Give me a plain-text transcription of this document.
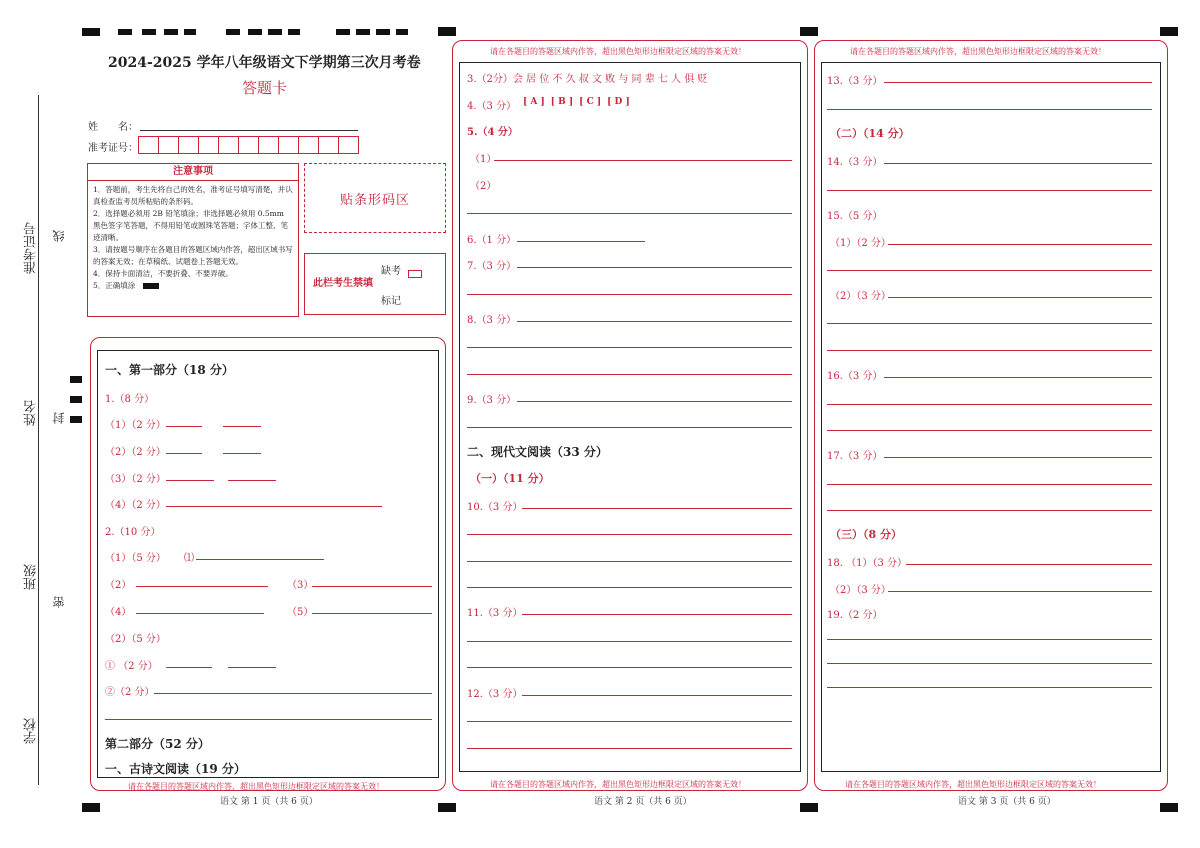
准考证号
姓名
班级
学校
线
封
密
2024-2025 学年八年级语文下学期第三次月考卷
答题卡
姓　　名：
准考证号：
注意事项
1．答题前，考生先将自己的姓名，准考证号填写清楚，并认真检查监考员所粘贴的条形码。
2．选择题必须用 2B 铅笔填涂；非选择题必须用 0.5mm 黑色签字笔答题，不得用铅笔或圆珠笔答题；字体工整、笔迹清晰。
3．请按题号顺序在各题目的答题区域内作答，超出区域书写的答案无效；在草稿纸、试题卷上答题无效。
4．保持卡面清洁，不要折叠、不要弄破。
5．正确填涂
贴条形码区
此栏考生禁填
缺考
标记
一、第一部分（18 分）
1.（8 分）
（1）（2 分）
（2）（2 分）
（3）（2 分）
（4）（2 分）
2.（10 分）
（1）（5 分） ⑴
（2）	（3）
（4）	（5）
（2）（5 分）
① （2 分）
②（2 分）
第二部分（52 分）
一、古诗文阅读（19 分）
请在各题目的答题区域内作答，超出黑色矩形边框限定区域的答案无效！
语文 第 1 页（共 6 页）
请在各题目的答题区域内作答，超出黑色矩形边框限定区域的答案无效！
3.（2分）会 居 位 不 久 叔 文 败 与 同 辈 七 人 俱 贬
4.（3 分） [ A ] [ B ] [ C ] [ D ]
5.（4 分）
（1）
（2）
6.（1 分）
7.（3 分）
8.（3 分）
9.（3 分）
二、现代文阅读（33 分）
（一）（11 分）
10.（3 分）
11.（3 分）
12.（3 分）
请在各题目的答题区域内作答，超出黑色矩形边框限定区域的答案无效！
语文 第 2 页（共 6 页）
请在各题目的答题区域内作答，超出黑色矩形边框限定区域的答案无效！
13.（3 分）
（二）（14 分）
14.（3 分）
15.（5 分）
（1）（2 分）
（2）（3 分）
16.（3 分）
17.（3 分）
（三）（8 分）
18. （1）（3 分）
（2）（3 分）
19.（2 分）
请在各题目的答题区域内作答，超出黑色矩形边框限定区域的答案无效！
语文 第 3 页（共 6 页）
